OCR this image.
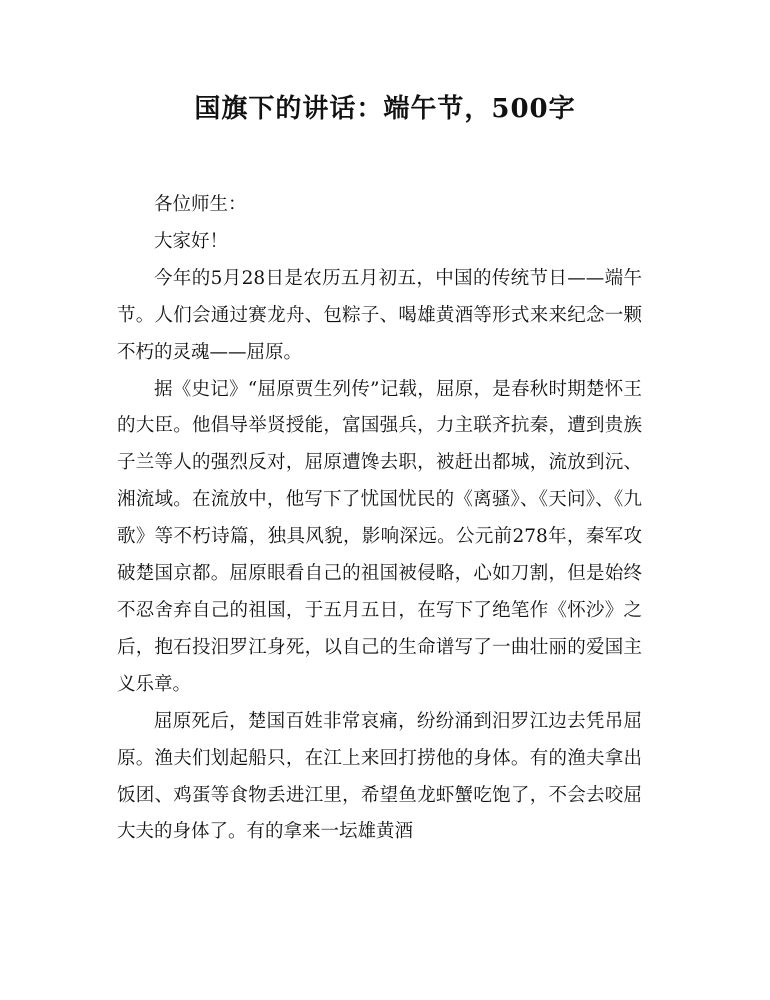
国旗下的讲话：端午节，500字

各位师生：

大家好！

今年的5月28日是农历五月初五，中国的传统节日——端午节。人们会通过赛龙舟、包粽子、喝雄黄酒等形式来来纪念一颗不朽的灵魂——屈原。

据《史记》“屈原贾生列传”记载，屈原，是春秋时期楚怀王的大臣。他倡导举贤授能，富国强兵，力主联齐抗秦，遭到贵族子兰等人的强烈反对，屈原遭馋去职，被赶出都城，流放到沅、湘流域。在流放中，他写下了忧国忧民的《离骚》、《天问》、《九歌》等不朽诗篇，独具风貌，影响深远。公元前278年，秦军攻破楚国京都。屈原眼看自己的祖国被侵略，心如刀割，但是始终不忍舍弃自己的祖国，于五月五日，在写下了绝笔作《怀沙》之后，抱石投汨罗江身死，以自己的生命谱写了一曲壮丽的爱国主义乐章。

屈原死后，楚国百姓非常哀痛，纷纷涌到汨罗江边去凭吊屈原。渔夫们划起船只，在江上来回打捞他的身体。有的渔夫拿出饭团、鸡蛋等食物丢进江里，希望鱼龙虾蟹吃饱了，不会去咬屈大夫的身体了。有的拿来一坛雄黄酒
